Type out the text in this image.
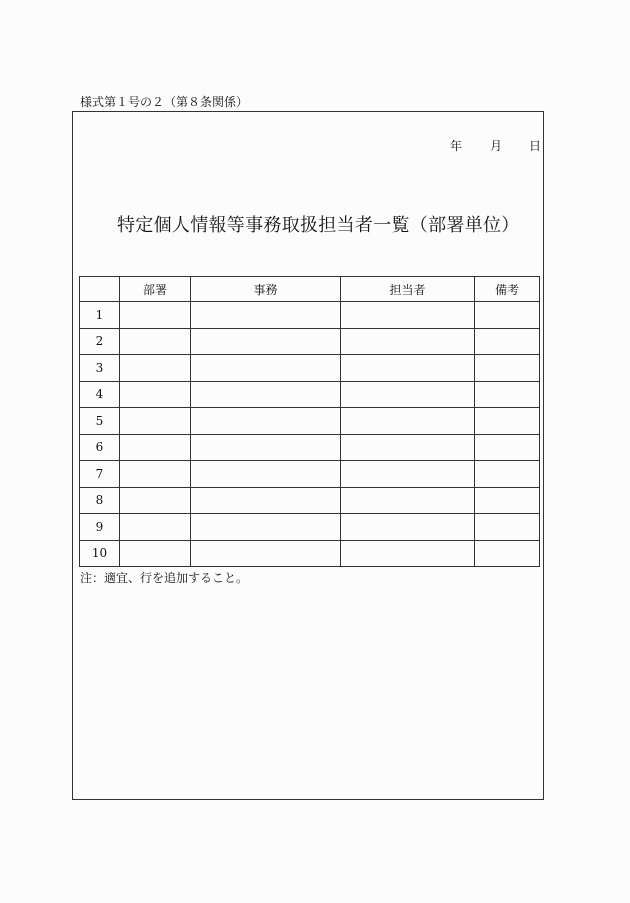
様式第１号の２（第８条関係）
年 月 日
特定個人情報等事務取扱担当者一覧（部署単位）
	部署	事務	担当者	備考
1				
2				
3				
4				
5				
6				
7				
8				
9				
10				
注：適宜、行を追加すること。
